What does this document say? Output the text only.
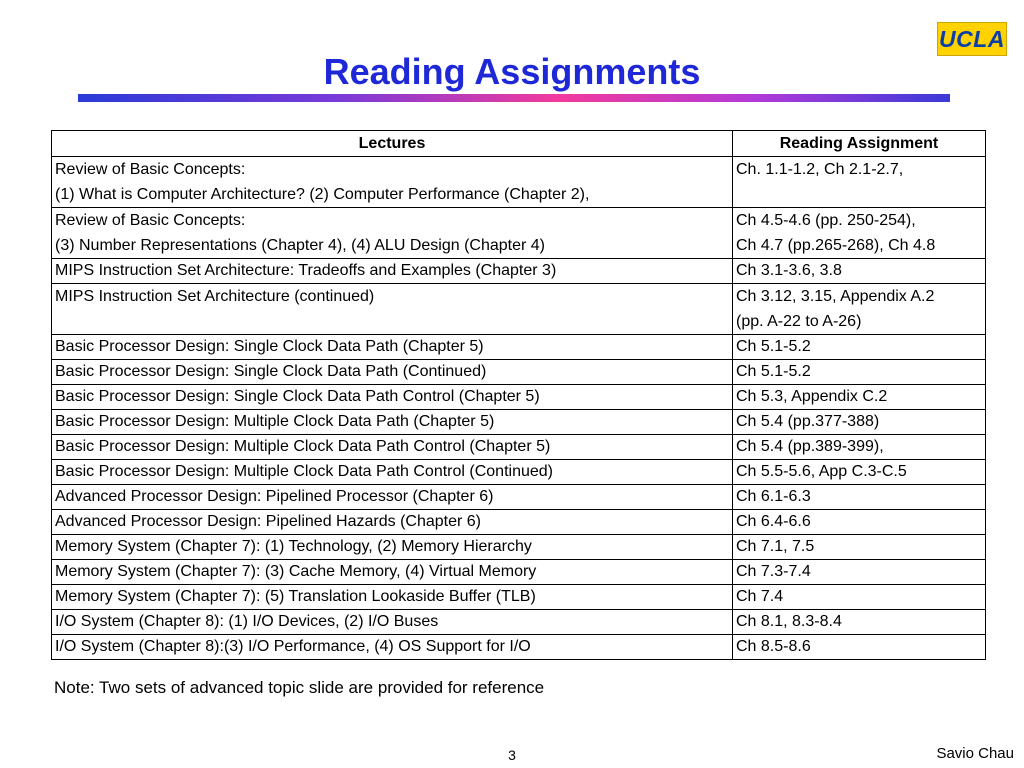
UCLA
Reading Assignments
Lectures	Reading Assignment

Review of Basic Concepts:
(1) What is Computer Architecture? (2) Computer Performance (Chapter 2),	Ch. 1.1-1.2, Ch 2.1-2.7,

Review of Basic Concepts:
(3) Number Representations (Chapter 4), (4) ALU Design (Chapter 4)	Ch 4.5-4.6 (pp. 250-254),
Ch 4.7 (pp.265-268), Ch 4.8

MIPS Instruction Set Architecture: Tradeoffs and Examples (Chapter 3)	Ch 3.1-3.6, 3.8

MIPS Instruction Set Architecture (continued)	Ch 3.12, 3.15, Appendix A.2
(pp. A-22 to A-26)

Basic Processor Design: Single Clock Data Path (Chapter 5)	Ch 5.1-5.2
Basic Processor Design: Single Clock Data Path (Continued)	Ch 5.1-5.2
Basic Processor Design: Single Clock Data Path Control (Chapter 5)	Ch 5.3, Appendix C.2
Basic Processor Design: Multiple Clock Data Path (Chapter 5)	Ch 5.4 (pp.377-388)
Basic Processor Design: Multiple Clock Data Path Control (Chapter 5)	Ch 5.4 (pp.389-399),
Basic Processor Design: Multiple Clock Data Path Control (Continued)	Ch 5.5-5.6, App C.3-C.5
Advanced Processor Design: Pipelined Processor (Chapter 6)	Ch 6.1-6.3
Advanced Processor Design: Pipelined Hazards (Chapter 6)	Ch 6.4-6.6
Memory System (Chapter 7): (1) Technology, (2) Memory Hierarchy	Ch 7.1, 7.5
Memory System (Chapter 7): (3) Cache Memory, (4) Virtual Memory	Ch 7.3-7.4
Memory System (Chapter 7): (5) Translation Lookaside Buffer (TLB)	Ch 7.4
I/O System (Chapter 8): (1) I/O Devices, (2) I/O Buses	Ch 8.1, 8.3-8.4
I/O System (Chapter 8):(3) I/O Performance, (4) OS Support for I/O	Ch 8.5-8.6
Note: Two sets of advanced topic slide are provided for reference
3	Savio Chau
